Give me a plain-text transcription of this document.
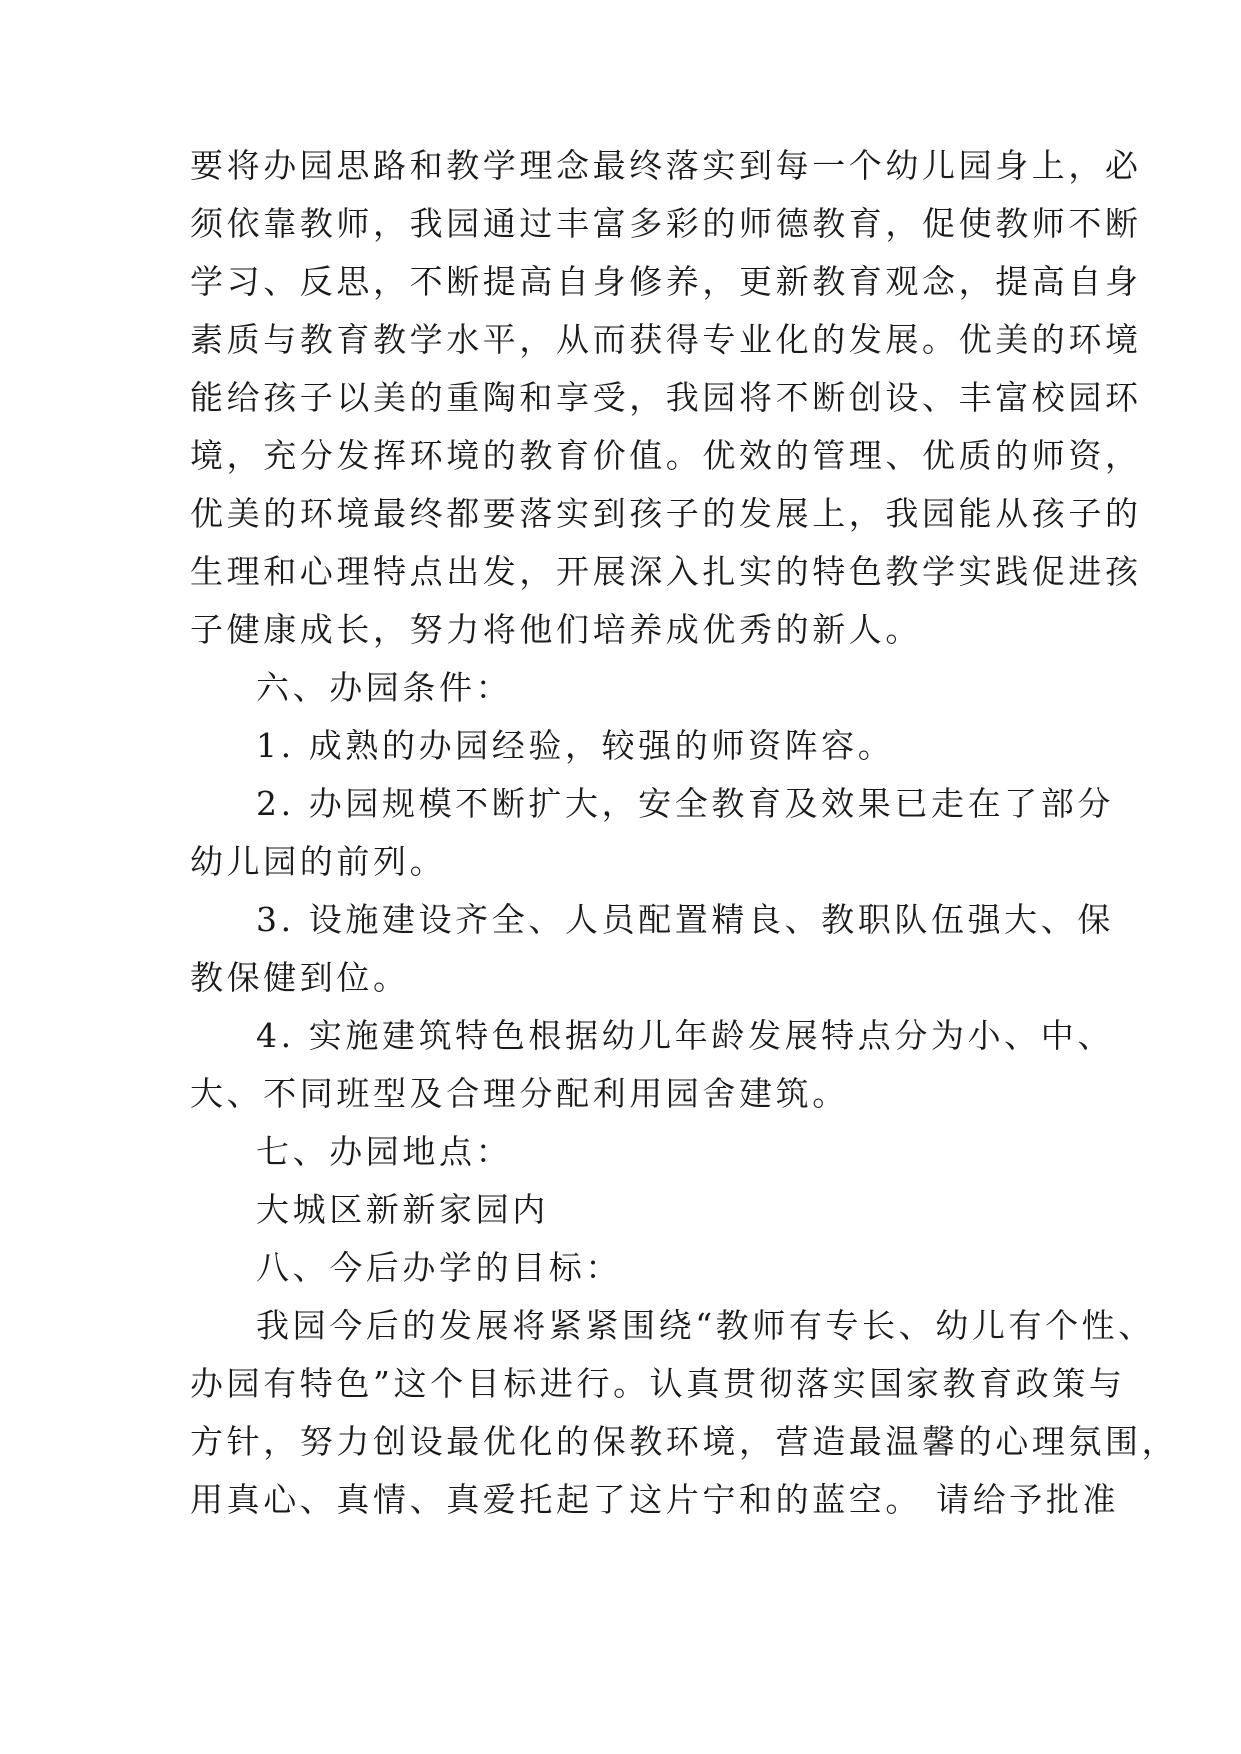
要将办园思路和教学理念最终落实到每一个幼儿园身上，必
须依靠教师，我园通过丰富多彩的师德教育，促使教师不断
学习、反思，不断提高自身修养，更新教育观念，提高自身
素质与教育教学水平，从而获得专业化的发展。优美的环境
能给孩子以美的重陶和享受，我园将不断创设、丰富校园环
境，充分发挥环境的教育价值。优效的管理、优质的师资，
优美的环境最终都要落实到孩子的发展上，我园能从孩子的
生理和心理特点出发，开展深入扎实的特色教学实践促进孩
子健康成长，努力将他们培养成优秀的新人。
六、办园条件：
1. 成熟的办园经验，较强的师资阵容。
2. 办园规模不断扩大，安全教育及效果已走在了部分
幼儿园的前列。
3. 设施建设齐全、人员配置精良、教职队伍强大、保
教保健到位。
4. 实施建筑特色根据幼儿年龄发展特点分为小、中、
大、不同班型及合理分配利用园舍建筑。
七、办园地点：
大城区新新家园内
八、今后办学的目标：
我园今后的发展将紧紧围绕“教师有专长、幼儿有个性、
办园有特色”这个目标进行。认真贯彻落实国家教育政策与
方针，努力创设最优化的保教环境，营造最温馨的心理氛围，
用真心、真情、真爱托起了这片宁和的蓝空。 请给予批准
